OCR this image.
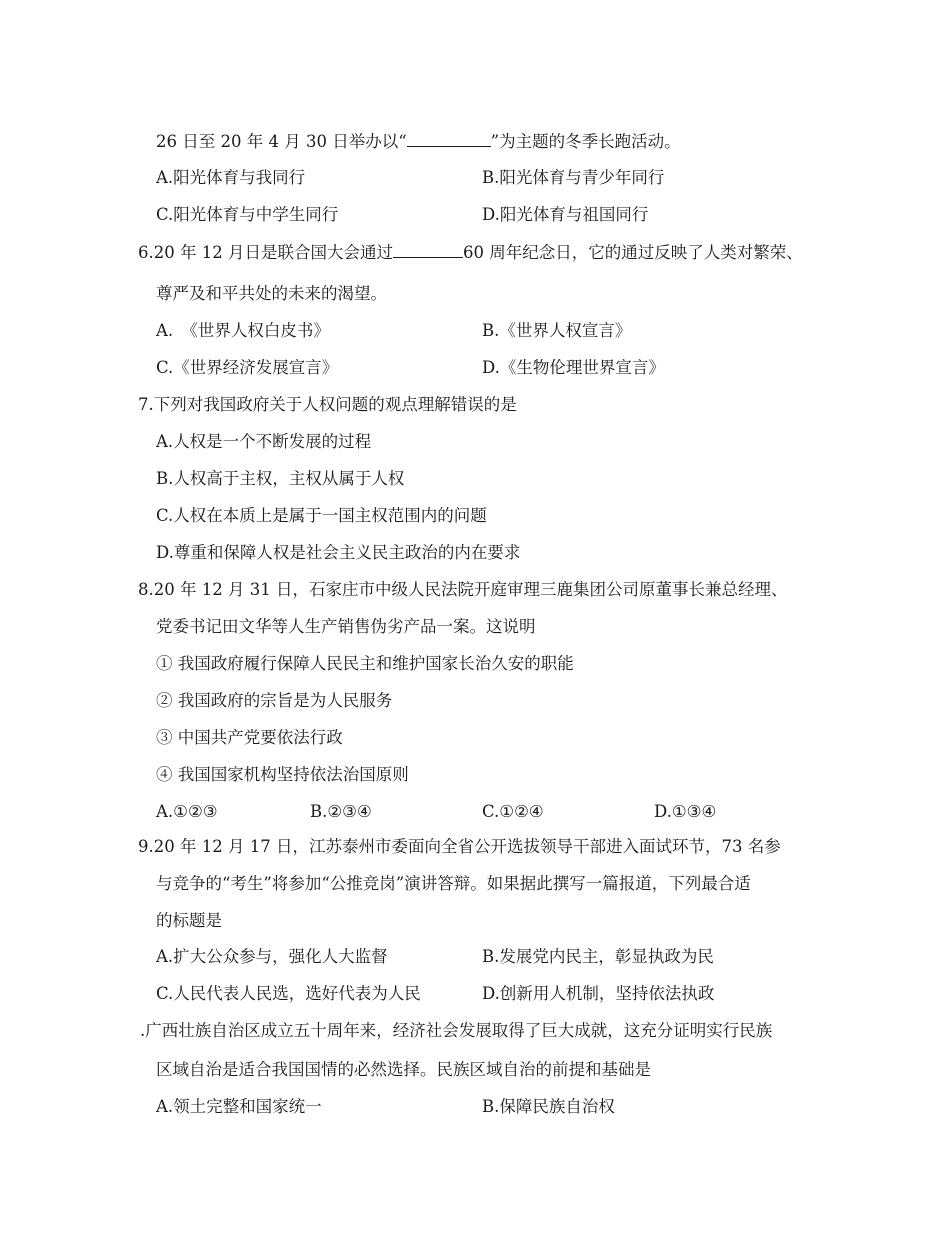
26 日至 20 年 4 月 30 日举办以“	”为主题的冬季长跑活动。
A.阳光体育与我同行	B.阳光体育与青少年同行
C.阳光体育与中学生同行	D.阳光体育与祖国同行
6.20 年 12 月日是联合国大会通过	60 周年纪念日，它的通过反映了人类对繁荣、
尊严及和平共处的未来的渴望。
A.　《世界人权白皮书》	B.《世界人权宣言》
C.《世界经济发展宣言》	D.《生物伦理世界宣言》
7.下列对我国政府关于人权问题的观点理解错误的是
A.人权是一个不断发展的过程
B.人权高于主权，主权从属于人权
C.人权在本质上是属于一国主权范围内的问题
D.尊重和保障人权是社会主义民主政治的内在要求
8.20 年 12 月 31 日，石家庄市中级人民法院开庭审理三鹿集团公司原董事长兼总经理、
党委书记田文华等人生产销售伪劣产品一案。这说明
① 我国政府履行保障人民民主和维护国家长治久安的职能
② 我国政府的宗旨是为人民服务
③ 中国共产党要依法行政
④ 我国国家机构坚持依法治国原则
A.①②③	B.②③④	C.①②④	D.①③④
9.20 年 12 月 17 日，江苏泰州市委面向全省公开选拔领导干部进入面试环节，73 名参
与竞争的“考生”将参加“公推竞岗”演讲答辩。如果据此撰写一篇报道，下列最合适
的标题是
A.扩大公众参与，强化人大监督	B.发展党内民主，彰显执政为民
C.人民代表人民选，选好代表为人民	D.创新用人机制，坚持依法执政
.广西壮族自治区成立五十周年来，经济社会发展取得了巨大成就，这充分证明实行民族
区域自治是适合我国国情的必然选择。民族区域自治的前提和基础是
A.领土完整和国家统一	B.保障民族自治权
